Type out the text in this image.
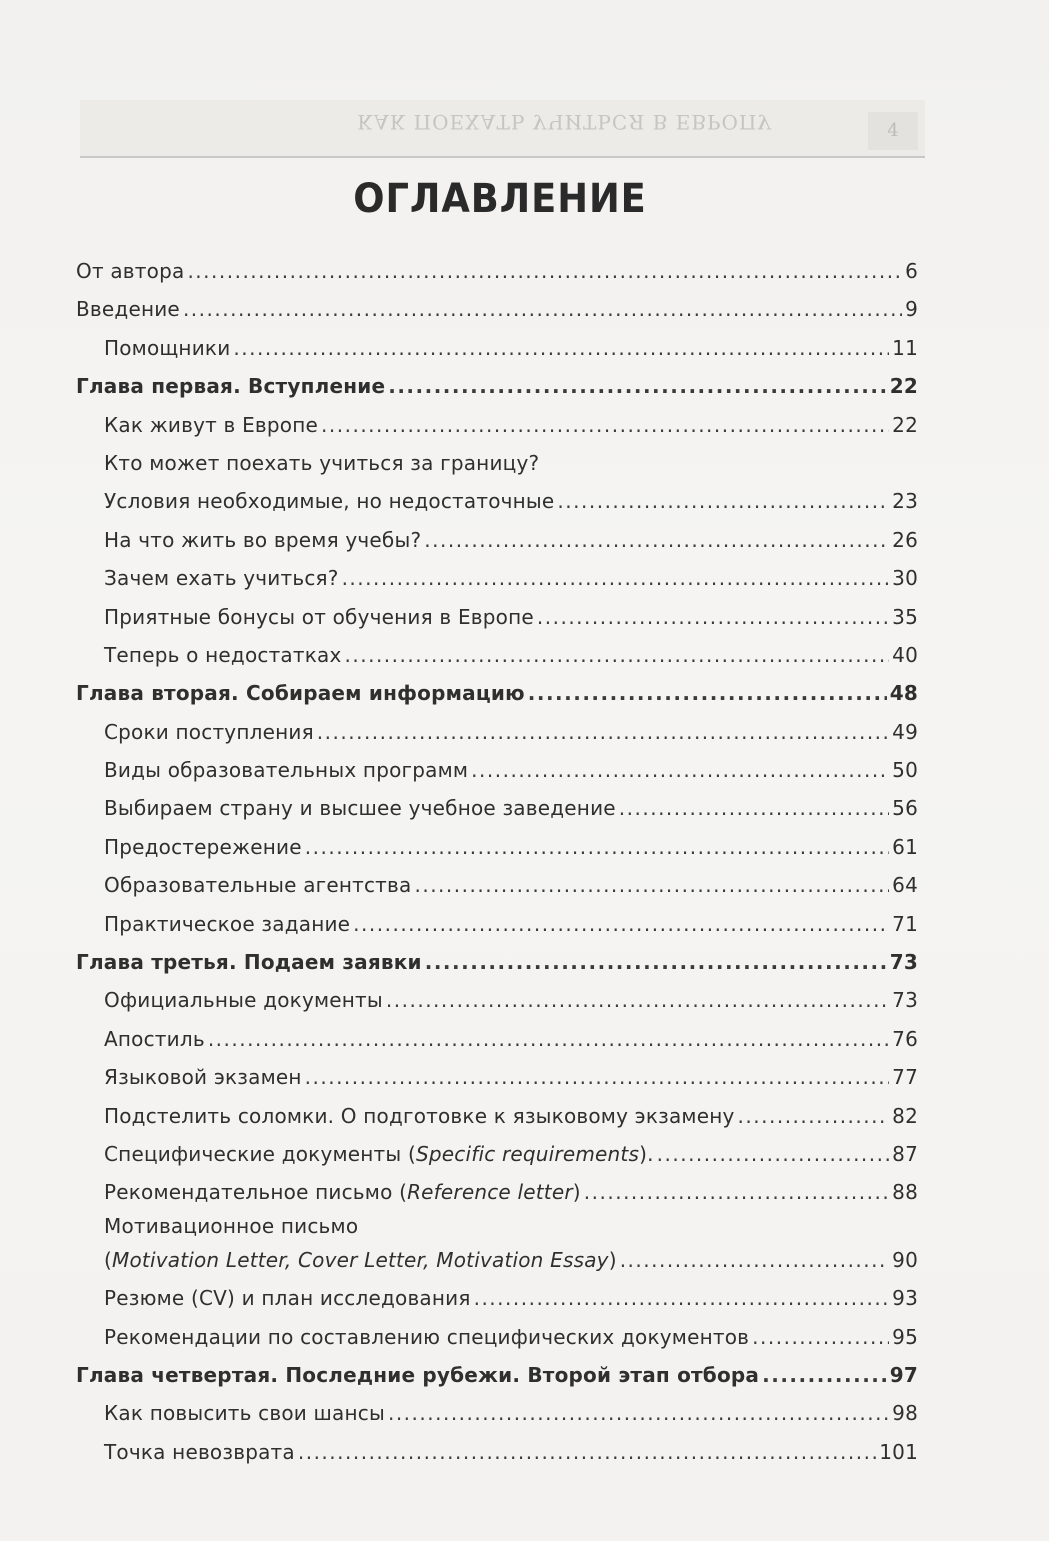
КАК ПОЕХАТЬ УЧИТЬСЯ В ЕВРОПУ	4
ОГЛАВЛЕНИЕ
От автора .....	6
Введение .....	9
Помощники .....	11
Глава первая. Вступление .....	22
Как живут в Европе .....	22
Кто может поехать учиться за границу?
Условия необходимые, но недостаточные .....	23
На что жить во время учебы? .....	26
Зачем ехать учиться? .....	30
Приятные бонусы от обучения в Европе .....	35
Теперь о недостатках .....	40
Глава вторая. Собираем информацию .....	48
Сроки поступления .....	49
Виды образовательных программ .....	50
Выбираем страну и высшее учебное заведение .....	56
Предостережение .....	61
Образовательные агентства .....	64
Практическое задание .....	71
Глава третья. Подаем заявки .....	73
Официальные документы .....	73
Апостиль .....	76
Языковой экзамен .....	77
Подстелить соломки. О подготовке к языковому экзамену .....	82
Специфические документы (Specific requirements). .....	87
Рекомендательное письмо (Reference letter) .....	88
Мотивационное письмо
(Motivation Letter, Cover Letter, Motivation Essay) .....	90
Резюме (CV) и план исследования .....	93
Рекомендации по составлению специфических документов .....	95
Глава четвертая. Последние рубежи. Второй этап отбора .....	97
Как повысить свои шансы .....	98
Точка невозврата .....	101
